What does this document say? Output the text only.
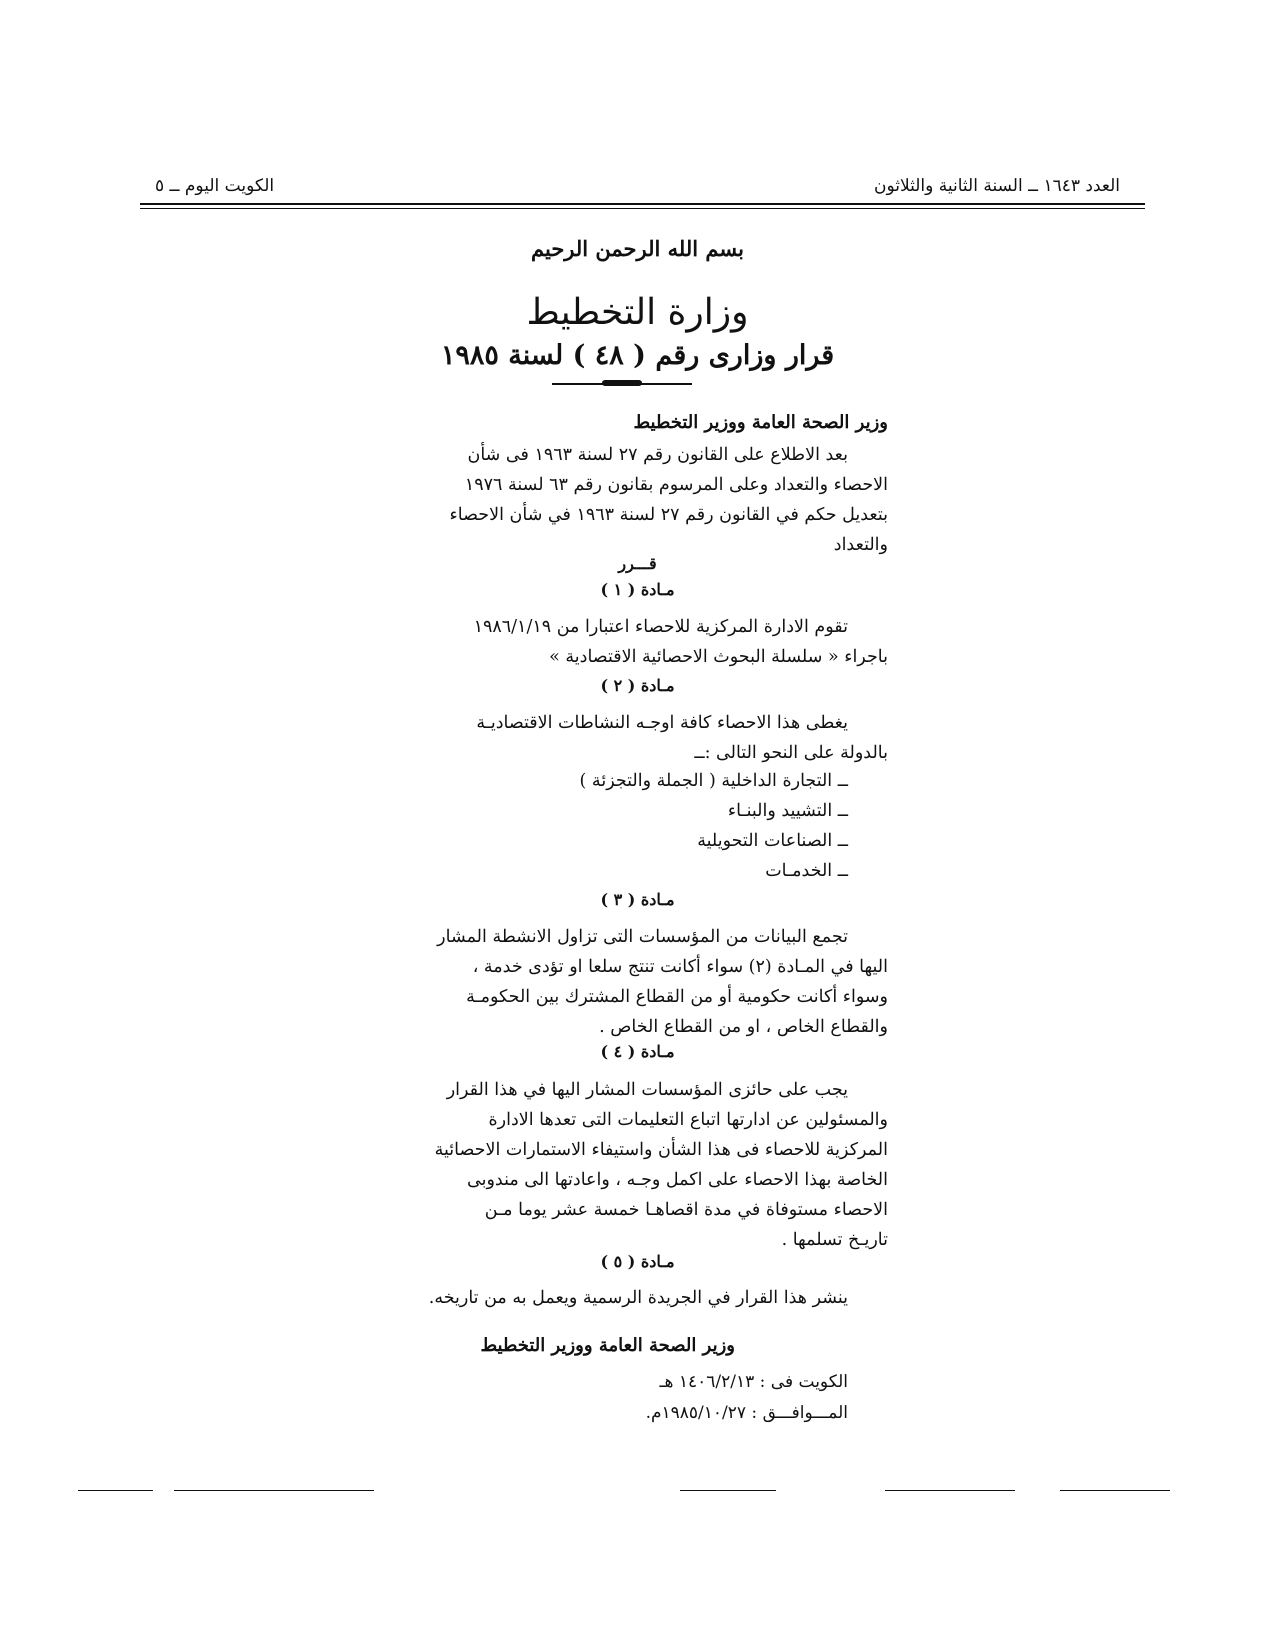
العدد ١٦٤٣ ــ السنة الثانية والثلاثون
الكويت اليوم ــ ٥
بسم الله الرحمن الرحيم
وزارة التخطيط
قرار وزارى رقم ( ٤٨ ) لسنة ١٩٨٥
وزير الصحة العامة ووزير التخطيط
بعد الاطلاع على القانون رقم ٢٧ لسنة ١٩٦٣ فى شأن
الاحصاء والتعداد وعلى المرسوم بقانون رقم ٦٣ لسنة ١٩٧٦
بتعديل حكم في القانون رقم ٢٧ لسنة ١٩٦٣ في شأن الاحصاء
والتعداد
قـــرر
مـادة ( ١ )
تقوم الادارة المركزية للاحصاء اعتبارا من ١٩٨٦/١/١٩
باجراء « سلسلة البحوث الاحصائية الاقتصادية »
مـادة ( ٢ )
يغطى هذا الاحصاء كافة اوجـه النشاطات الاقتصاديـة
بالدولة على النحو التالى :ــ
ــ التجارة الداخلية ( الجملة والتجزئة )
ــ التشييد والبنـاء
ــ الصناعات التحويلية
ــ الخدمـات
مـادة ( ٣ )
تجمع البيانات من المؤسسات التى تزاول الانشطة المشار
اليها في المـادة (٢) سواء أكانت تنتج سلعا او تؤدى خدمة ،
وسواء أكانت حكومية أو من القطاع المشترك بين الحكومـة
والقطاع الخاص ، او من القطاع الخاص .
مـادة ( ٤ )
يجب على حائزى المؤسسات المشار اليها في هذا القرار
والمسئولين عن ادارتها اتباع التعليمات التى تعدها الادارة
المركزية للاحصاء فى هذا الشأن واستيفاء الاستمارات الاحصائية
الخاصة بهذا الاحصاء على اكمل وجـه ، واعادتها الى مندوبى
الاحصاء مستوفاة في مدة اقصاهـا خمسة عشر يوما مـن
تاريـخ تسلمها .
مـادة ( ٥ )
ينشر هذا القرار في الجريدة الرسمية ويعمل به من تاريخه.
وزير الصحة العامة ووزير التخطيط
الكويت فى : ١٤٠٦/٢/١٣ هـ
المـــوافـــق : ١٩٨٥/١٠/٢٧م.
